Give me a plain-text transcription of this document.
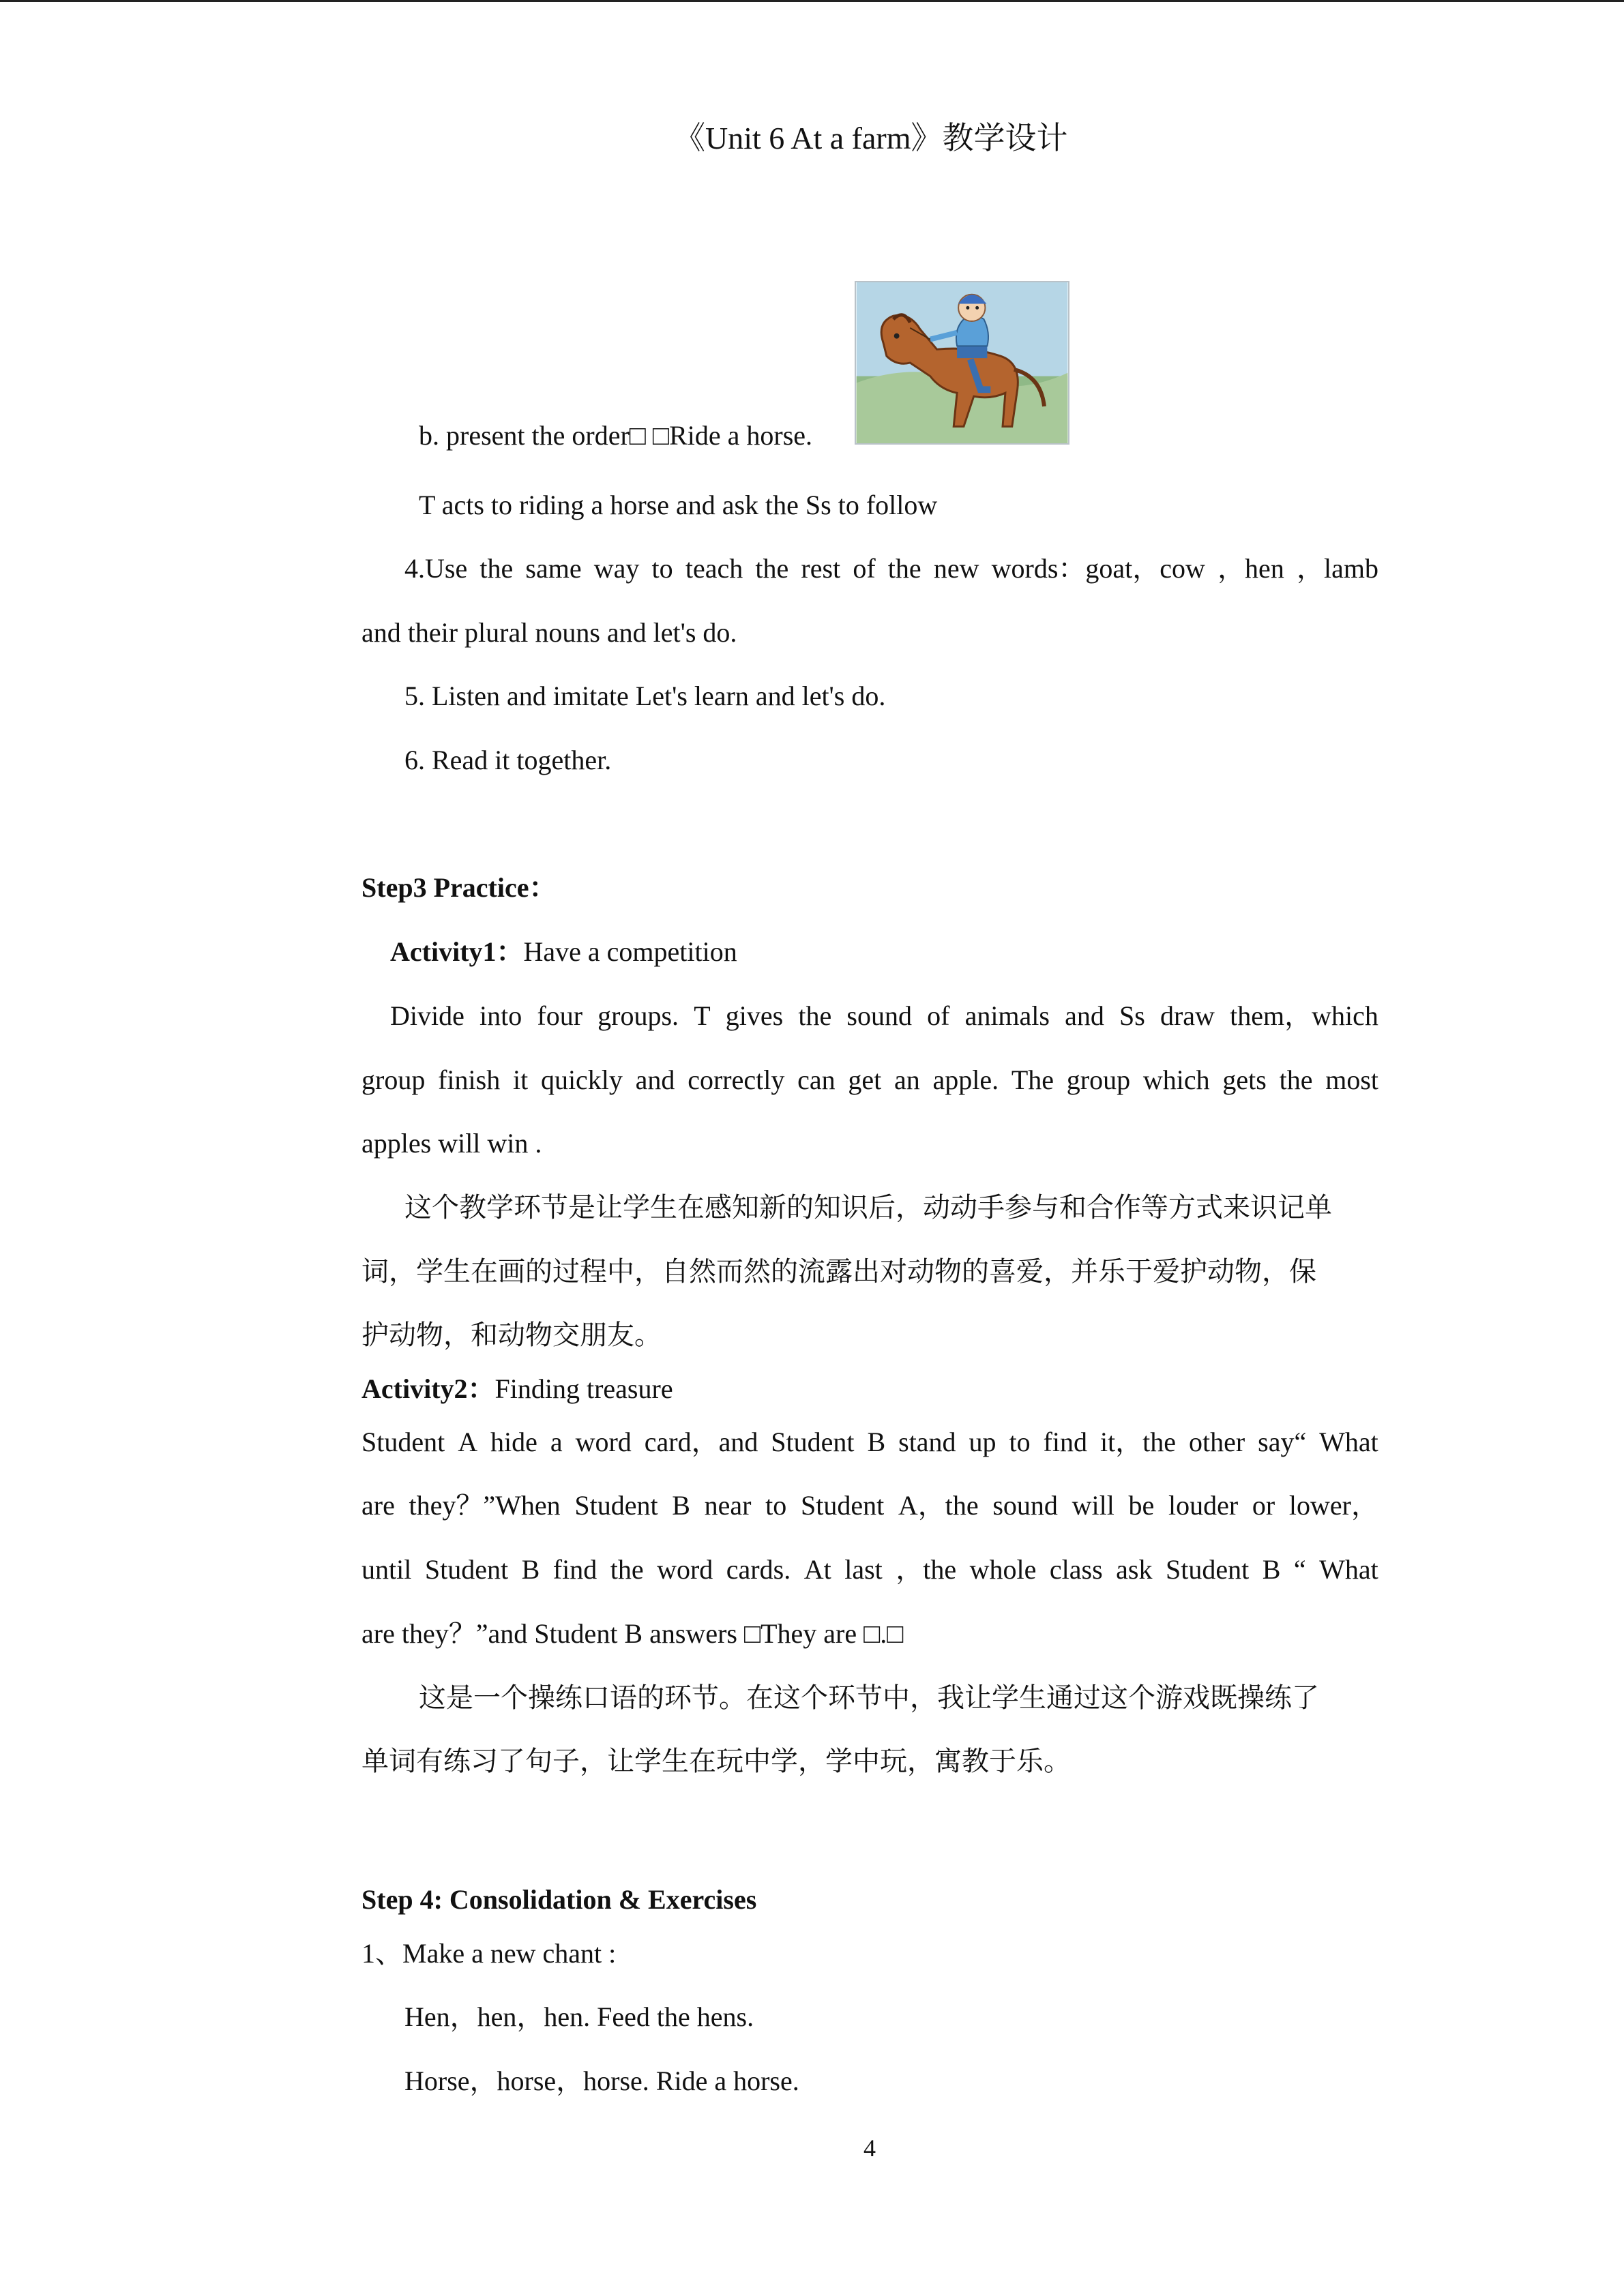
《Unit 6 At a farm》教学设计
b. present the order□ □Ride a horse.
T acts to riding a horse and ask the Ss to follow
4.Use the same way to teach the rest of the new words：goat，cow ，hen ，lamb
and their plural nouns and let's do.
5. Listen and imitate Let's learn and let's do.
6. Read it together.
Step3 Practice：
Activity1：Have a competition
Divide into four groups. T gives the sound of animals and Ss draw them，which
group finish it quickly and correctly can get an apple. The group which gets the most
apples will win .
这个教学环节是让学生在感知新的知识后，动动手参与和合作等方式来识记单
词，学生在画的过程中，自然而然的流露出对动物的喜爱，并乐于爱护动物，保
护动物，和动物交朋友。
Activity2：Finding treasure
Student A hide a word card，and Student B stand up to find it，the other say“ What
are they？”When Student B near to Student A，the sound will be louder or lower，
until Student B find the word cards. At last ，the whole class ask Student B “ What
are they？”and Student B answers □They are □.□
这是一个操练口语的环节。在这个环节中，我让学生通过这个游戏既操练了
单词有练习了句子，让学生在玩中学，学中玩，寓教于乐。
Step 4: Consolidation & Exercises
1、Make a new chant :
Hen，hen，hen. Feed the hens.
Horse，horse，horse. Ride a horse.
4
